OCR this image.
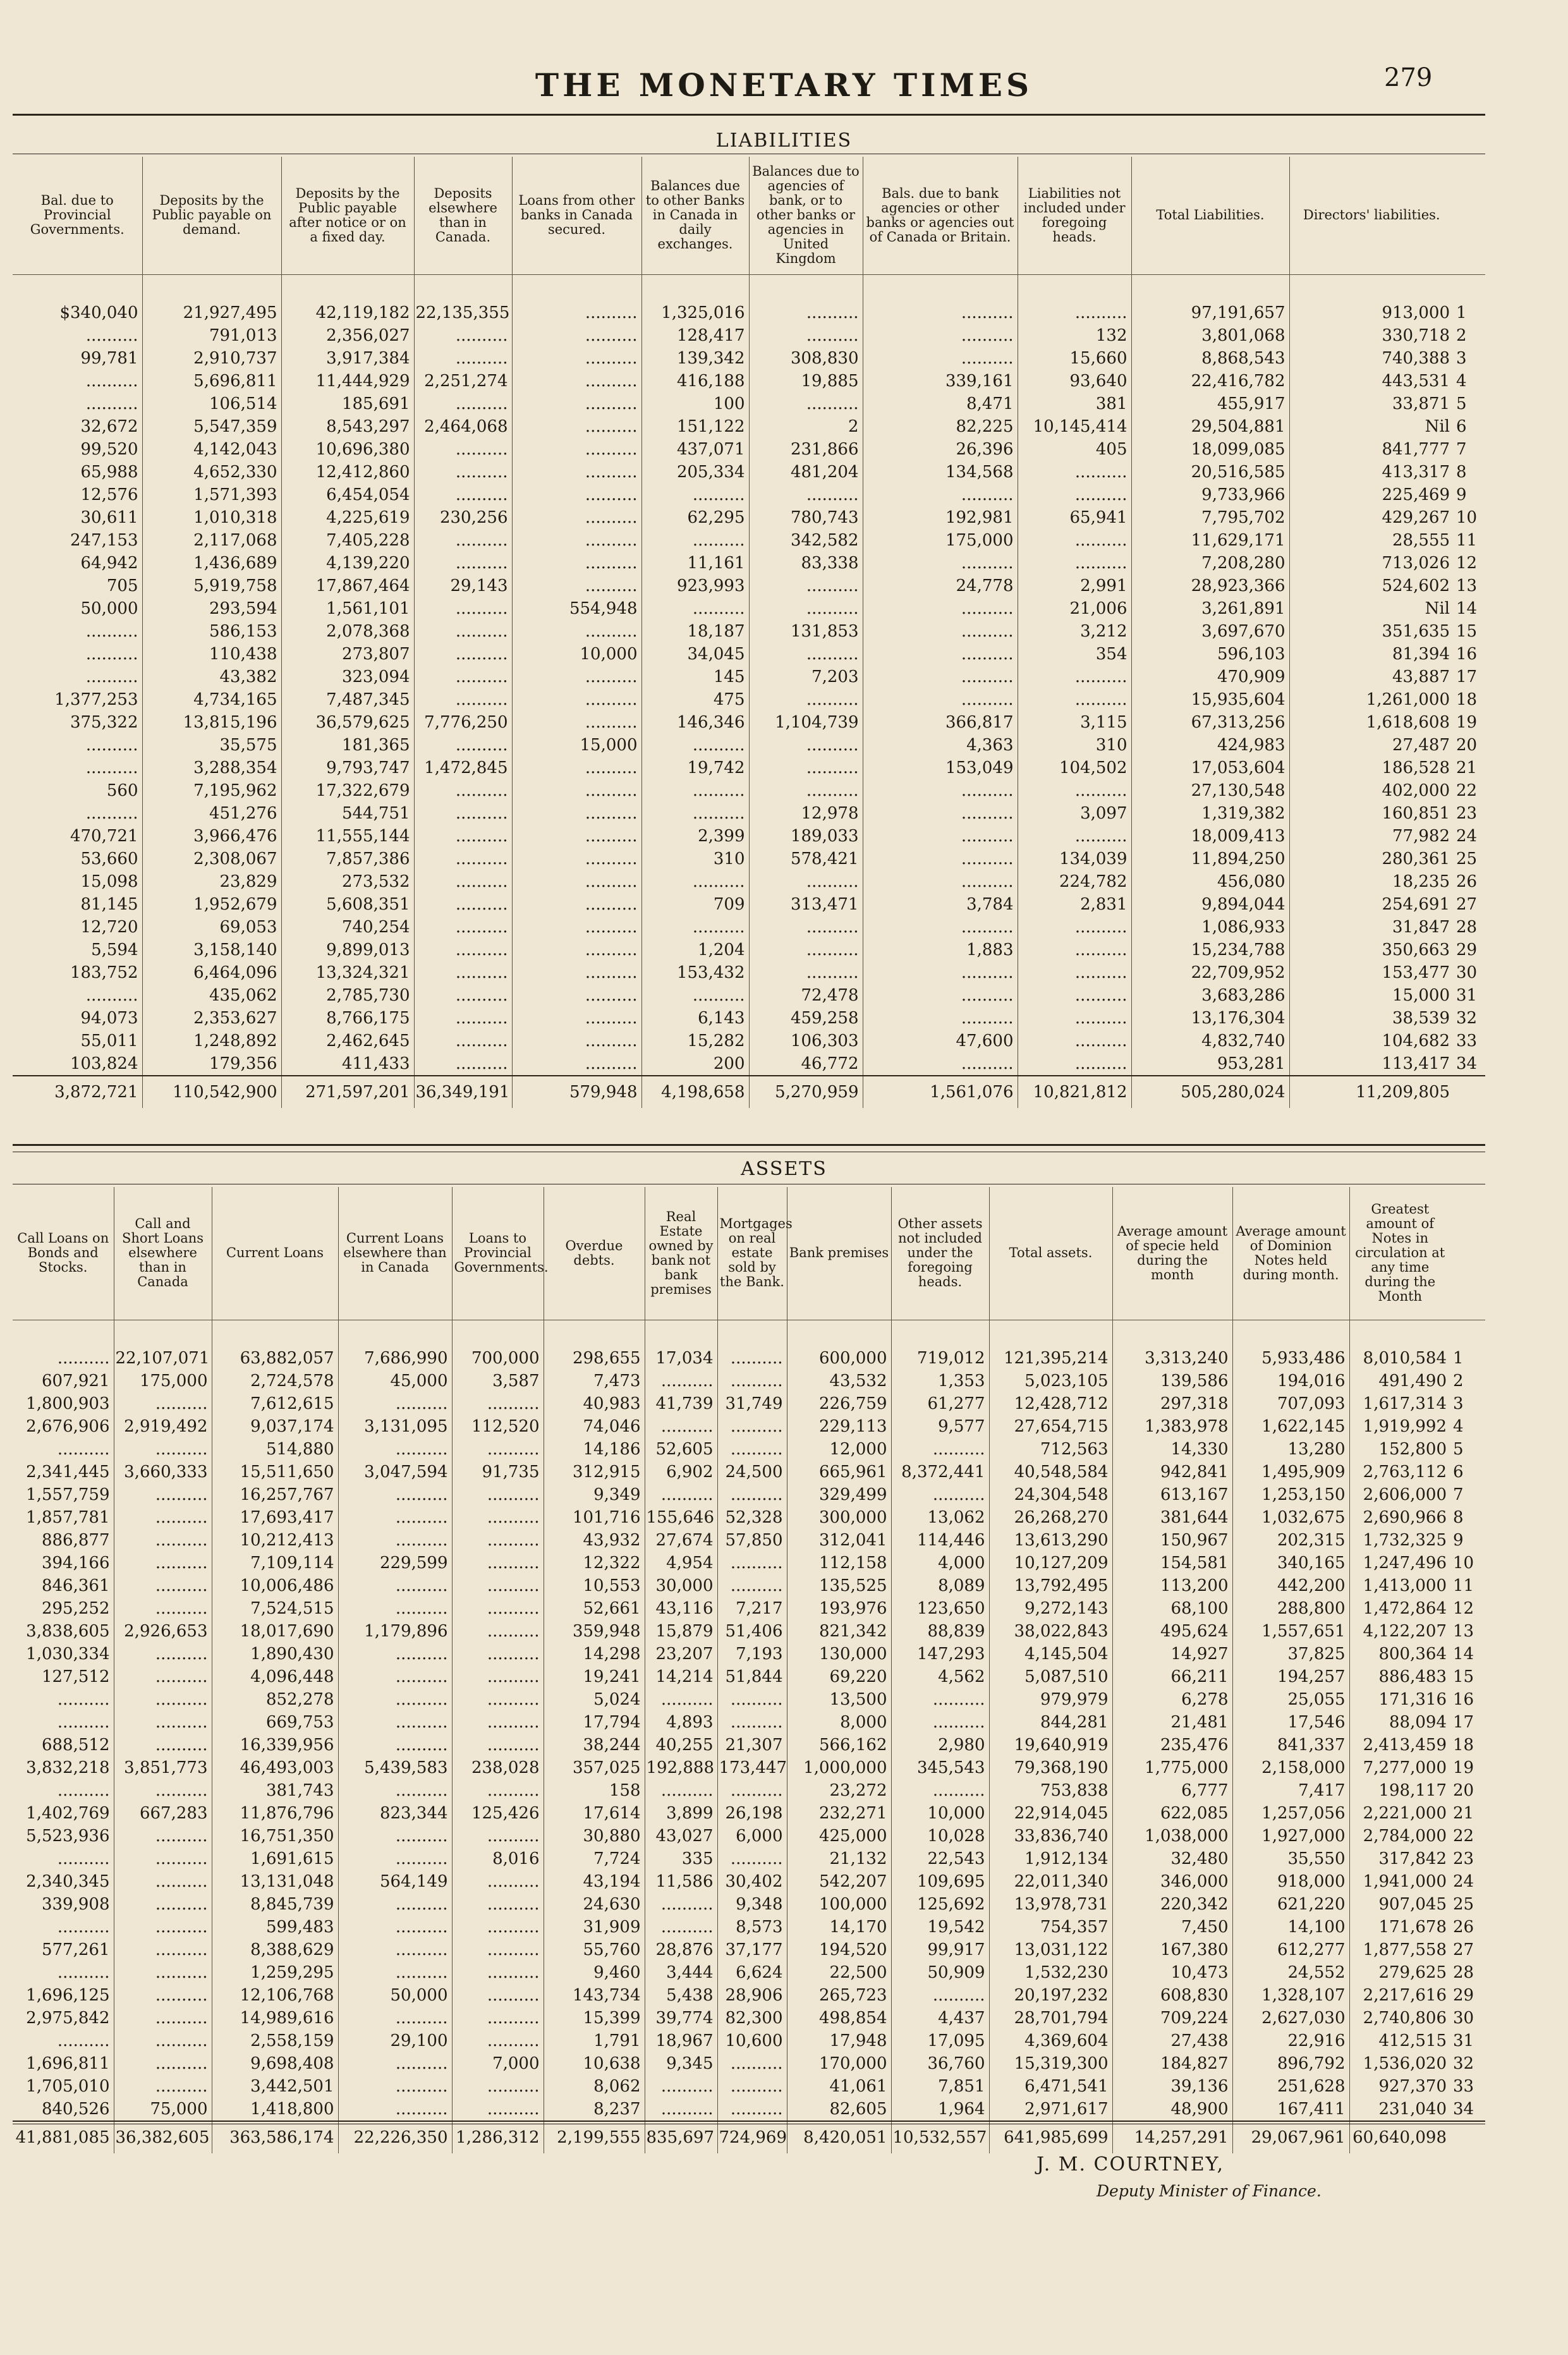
THE MONETARY TIMES	279
LIABILITIES
Bal. due to Provincial Governments.	Deposits by the Public payable on demand.	Deposits by the Public payable after notice or on a fixed day.	Deposits elsewhere than in Canada.	Loans from other banks in Canada secured.	Balances due to other Banks in Canada in daily exchanges.	Balances due to agencies of bank, or to other banks or agencies in United Kingdom	Bals. due to bank agencies or other banks or agencies out of Canada or Britain.	Liabilities not included under foregoing heads.	Total Liabilities.	Directors' liabilities.	

$340,040	21,927,495	42,119,182	22,135,355	..........	1,325,016	..........	..........	..........	97,191,657	913,000	1
..........	791,013	2,356,027	..........	..........	128,417	..........	..........	132	3,801,068	330,718	2
99,781	2,910,737	3,917,384	..........	..........	139,342	308,830	..........	15,660	8,868,543	740,388	3
..........	5,696,811	11,444,929	2,251,274	..........	416,188	19,885	339,161	93,640	22,416,782	443,531	4
..........	106,514	185,691	..........	..........	100	..........	8,471	381	455,917	33,871	5
32,672	5,547,359	8,543,297	2,464,068	..........	151,122	2	82,225	10,145,414	29,504,881	Nil	6
99,520	4,142,043	10,696,380	..........	..........	437,071	231,866	26,396	405	18,099,085	841,777	7
65,988	4,652,330	12,412,860	..........	..........	205,334	481,204	134,568	..........	20,516,585	413,317	8
12,576	1,571,393	6,454,054	..........	..........	..........	..........	..........	..........	9,733,966	225,469	9
30,611	1,010,318	4,225,619	230,256	..........	62,295	780,743	192,981	65,941	7,795,702	429,267	10
247,153	2,117,068	7,405,228	..........	..........	..........	342,582	175,000	..........	11,629,171	28,555	11
64,942	1,436,689	4,139,220	..........	..........	11,161	83,338	..........	..........	7,208,280	713,026	12
705	5,919,758	17,867,464	29,143	..........	923,993	..........	24,778	2,991	28,923,366	524,602	13
50,000	293,594	1,561,101	..........	554,948	..........	..........	..........	21,006	3,261,891	Nil	14
..........	586,153	2,078,368	..........	..........	18,187	131,853	..........	3,212	3,697,670	351,635	15
..........	110,438	273,807	..........	10,000	34,045	..........	..........	354	596,103	81,394	16
..........	43,382	323,094	..........	..........	145	7,203	..........	..........	470,909	43,887	17
1,377,253	4,734,165	7,487,345	..........	..........	475	..........	..........	..........	15,935,604	1,261,000	18
375,322	13,815,196	36,579,625	7,776,250	..........	146,346	1,104,739	366,817	3,115	67,313,256	1,618,608	19
..........	35,575	181,365	..........	15,000	..........	..........	4,363	310	424,983	27,487	20
..........	3,288,354	9,793,747	1,472,845	..........	19,742	..........	153,049	104,502	17,053,604	186,528	21
560	7,195,962	17,322,679	..........	..........	..........	..........	..........	..........	27,130,548	402,000	22
..........	451,276	544,751	..........	..........	..........	12,978	..........	3,097	1,319,382	160,851	23
470,721	3,966,476	11,555,144	..........	..........	2,399	189,033	..........	..........	18,009,413	77,982	24
53,660	2,308,067	7,857,386	..........	..........	310	578,421	..........	134,039	11,894,250	280,361	25
15,098	23,829	273,532	..........	..........	..........	..........	..........	224,782	456,080	18,235	26
81,145	1,952,679	5,608,351	..........	..........	709	313,471	3,784	2,831	9,894,044	254,691	27
12,720	69,053	740,254	..........	..........	..........	..........	..........	..........	1,086,933	31,847	28
5,594	3,158,140	9,899,013	..........	..........	1,204	..........	1,883	..........	15,234,788	350,663	29
183,752	6,464,096	13,324,321	..........	..........	153,432	..........	..........	..........	22,709,952	153,477	30
..........	435,062	2,785,730	..........	..........	..........	72,478	..........	..........	3,683,286	15,000	31
94,073	2,353,627	8,766,175	..........	..........	6,143	459,258	..........	..........	13,176,304	38,539	32
55,011	1,248,892	2,462,645	..........	..........	15,282	106,303	47,600	..........	4,832,740	104,682	33
103,824	179,356	411,433	..........	..........	200	46,772	..........	..........	953,281	113,417	34
3,872,721	110,542,900	271,597,201	36,349,191	579,948	4,198,658	5,270,959	1,561,076	10,821,812	505,280,024	11,209,805	
ASSETS
Call Loans on Bonds and Stocks.	Call and Short Loans elsewhere than in Canada	Current Loans	Current Loans elsewhere than in Canada	Loans to Provincial Governments.	Overdue debts.	Real Estate owned by bank not bank premises	Mortgages on real estate sold by the Bank.	Bank premises	Other assets not included under the foregoing heads.	Total assets.	Average amount of specie held during the month	Average amount of Dominion Notes held during month.	Greatest amount of Notes in circulation at any time during the Month	

..........	22,107,071	63,882,057	7,686,990	700,000	298,655	17,034	..........	600,000	719,012	121,395,214	3,313,240	5,933,486	8,010,584	1
607,921	175,000	2,724,578	45,000	3,587	7,473	..........	..........	43,532	1,353	5,023,105	139,586	194,016	491,490	2
1,800,903	..........	7,612,615	..........	..........	40,983	41,739	31,749	226,759	61,277	12,428,712	297,318	707,093	1,617,314	3
2,676,906	2,919,492	9,037,174	3,131,095	112,520	74,046	..........	..........	229,113	9,577	27,654,715	1,383,978	1,622,145	1,919,992	4
..........	..........	514,880	..........	..........	14,186	52,605	..........	12,000	..........	712,563	14,330	13,280	152,800	5
2,341,445	3,660,333	15,511,650	3,047,594	91,735	312,915	6,902	24,500	665,961	8,372,441	40,548,584	942,841	1,495,909	2,763,112	6
1,557,759	..........	16,257,767	..........	..........	9,349	..........	..........	329,499	..........	24,304,548	613,167	1,253,150	2,606,000	7
1,857,781	..........	17,693,417	..........	..........	101,716	155,646	52,328	300,000	13,062	26,268,270	381,644	1,032,675	2,690,966	8
886,877	..........	10,212,413	..........	..........	43,932	27,674	57,850	312,041	114,446	13,613,290	150,967	202,315	1,732,325	9
394,166	..........	7,109,114	229,599	..........	12,322	4,954	..........	112,158	4,000	10,127,209	154,581	340,165	1,247,496	10
846,361	..........	10,006,486	..........	..........	10,553	30,000	..........	135,525	8,089	13,792,495	113,200	442,200	1,413,000	11
295,252	..........	7,524,515	..........	..........	52,661	43,116	7,217	193,976	123,650	9,272,143	68,100	288,800	1,472,864	12
3,838,605	2,926,653	18,017,690	1,179,896	..........	359,948	15,879	51,406	821,342	88,839	38,022,843	495,624	1,557,651	4,122,207	13
1,030,334	..........	1,890,430	..........	..........	14,298	23,207	7,193	130,000	147,293	4,145,504	14,927	37,825	800,364	14
127,512	..........	4,096,448	..........	..........	19,241	14,214	51,844	69,220	4,562	5,087,510	66,211	194,257	886,483	15
..........	..........	852,278	..........	..........	5,024	..........	..........	13,500	..........	979,979	6,278	25,055	171,316	16
..........	..........	669,753	..........	..........	17,794	4,893	..........	8,000	..........	844,281	21,481	17,546	88,094	17
688,512	..........	16,339,956	..........	..........	38,244	40,255	21,307	566,162	2,980	19,640,919	235,476	841,337	2,413,459	18
3,832,218	3,851,773	46,493,003	5,439,583	238,028	357,025	192,888	173,447	1,000,000	345,543	79,368,190	1,775,000	2,158,000	7,277,000	19
..........	..........	381,743	..........	..........	158	..........	..........	23,272	..........	753,838	6,777	7,417	198,117	20
1,402,769	667,283	11,876,796	823,344	125,426	17,614	3,899	26,198	232,271	10,000	22,914,045	622,085	1,257,056	2,221,000	21
5,523,936	..........	16,751,350	..........	..........	30,880	43,027	6,000	425,000	10,028	33,836,740	1,038,000	1,927,000	2,784,000	22
..........	..........	1,691,615	..........	8,016	7,724	335	..........	21,132	22,543	1,912,134	32,480	35,550	317,842	23
2,340,345	..........	13,131,048	564,149	..........	43,194	11,586	30,402	542,207	109,695	22,011,340	346,000	918,000	1,941,000	24
339,908	..........	8,845,739	..........	..........	24,630	..........	9,348	100,000	125,692	13,978,731	220,342	621,220	907,045	25
..........	..........	599,483	..........	..........	31,909	..........	8,573	14,170	19,542	754,357	7,450	14,100	171,678	26
577,261	..........	8,388,629	..........	..........	55,760	28,876	37,177	194,520	99,917	13,031,122	167,380	612,277	1,877,558	27
..........	..........	1,259,295	..........	..........	9,460	3,444	6,624	22,500	50,909	1,532,230	10,473	24,552	279,625	28
1,696,125	..........	12,106,768	50,000	..........	143,734	5,438	28,906	265,723	..........	20,197,232	608,830	1,328,107	2,217,616	29
2,975,842	..........	14,989,616	..........	..........	15,399	39,774	82,300	498,854	4,437	28,701,794	709,224	2,627,030	2,740,806	30
..........	..........	2,558,159	29,100	..........	1,791	18,967	10,600	17,948	17,095	4,369,604	27,438	22,916	412,515	31
1,696,811	..........	9,698,408	..........	7,000	10,638	9,345	..........	170,000	36,760	15,319,300	184,827	896,792	1,536,020	32
1,705,010	..........	3,442,501	..........	..........	8,062	..........	..........	41,061	7,851	6,471,541	39,136	251,628	927,370	33
840,526	75,000	1,418,800	..........	..........	8,237	..........	..........	82,605	1,964	2,971,617	48,900	167,411	231,040	34
41,881,085	36,382,605	363,586,174	22,226,350	1,286,312	2,199,555	835,697	724,969	8,420,051	10,532,557	641,985,699	14,257,291	29,067,961	60,640,098	
J. M. COURTNEY,
Deputy Minister of Finance.
